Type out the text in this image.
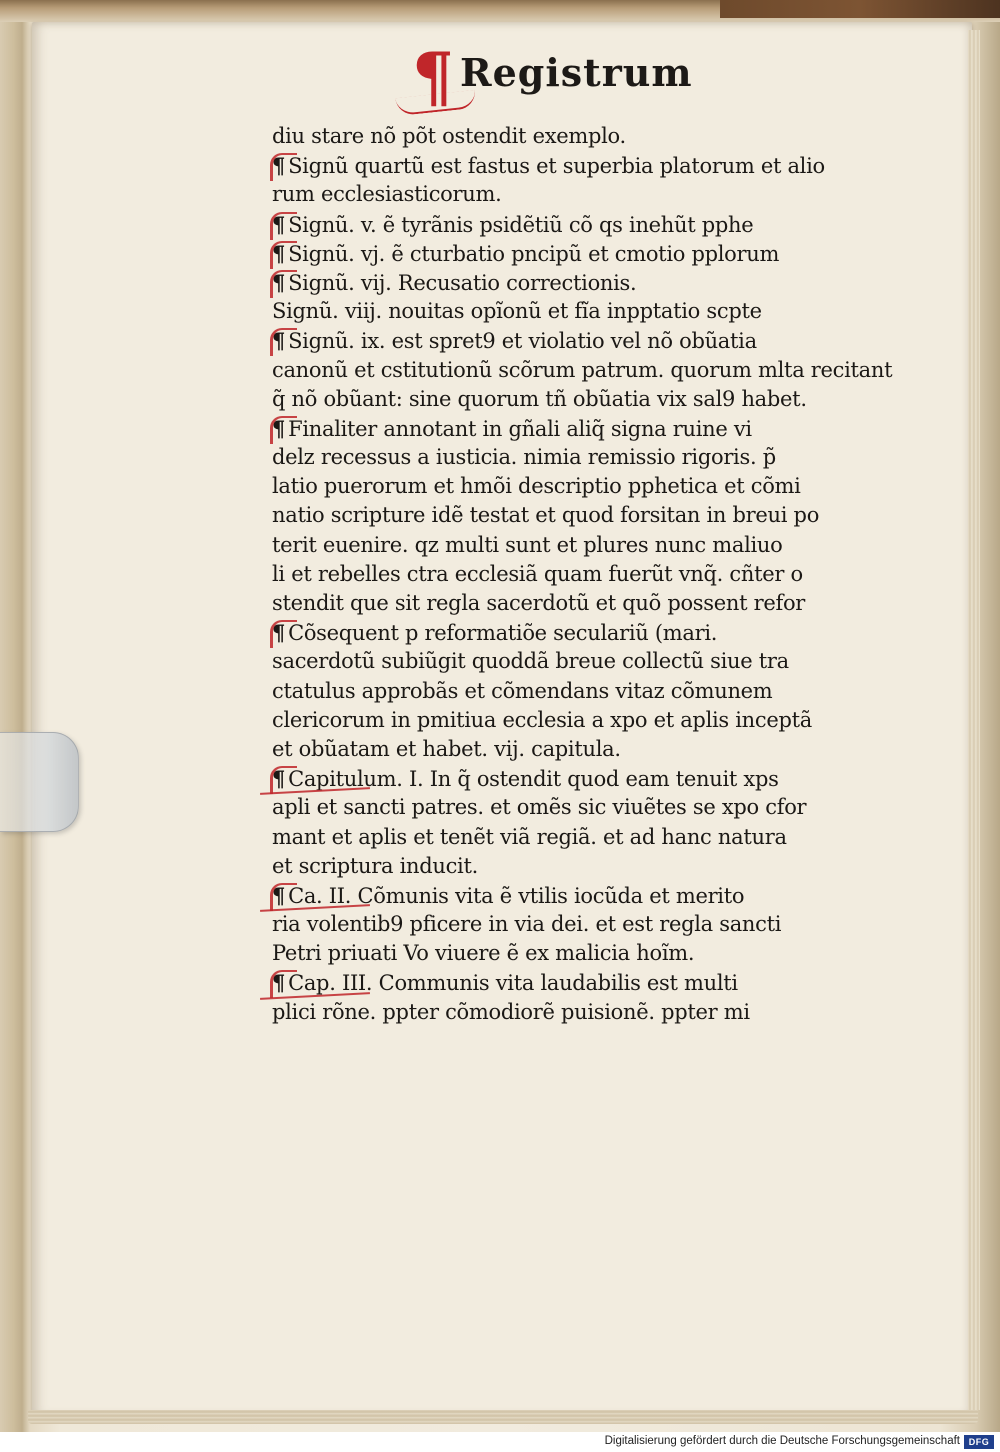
¶ Registrum
diu stare nõ põt ostendit exemplo.
¶ Signũ quartũ est fastus et superbia platorum et alio
rum ecclesiasticorum.
¶ Signũ. v. ẽ tyrãnis psidẽtiũ cõ qs inehũt pphe
¶ Signũ. vj. ẽ cturbatio pncipũ et cmotio pplorum
¶ Signũ. vij. Recusatio correctionis.
Signũ. viij. nouitas opĩonũ et fĩa inpptatio scpte
¶ Signũ. ix. est spret9 et violatio vel nõ obũatia
canonũ et cstitutionũ scõrum patrum. quorum mlta recitant
q̃ nõ obũant: sine quorum tñ obũatia vix sal9 habet.
¶ Finaliter annotant in gñali aliq̃ signa ruine vi
delz recessus a iusticia. nimia remissio rigoris. p̃
latio puerorum et hmõi descriptio pphetica et cõmi
natio scripture idẽ testat et quod forsitan in breui po
terit euenire. qz multi sunt et plures nunc maliuo
li et rebelles ctra ecclesiã quam fuerũt vnq̃. cñter o
stendit que sit regla sacerdotũ et quõ possent refor
¶ Cõsequent p reformatiõe seculariũ (mari.
sacerdotũ subiũgit quoddã breue collectũ siue tra
ctatulus approbãs et cõmendans vitaz cõmunem
clericorum in pmitiua ecclesia a xpo et aplis inceptã
et obũatam et habet. vij. capitula.
¶ Capitulum. I. In q̃ ostendit quod eam tenuit xps
apli et sancti patres. et omẽs sic viuẽtes se xpo cfor
mant et aplis et tenẽt viã regiã. et ad hanc natura
et scriptura inducit.
¶ Ca. II. Cõmunis vita ẽ vtilis iocũda et merito
ria volentib9 pficere in via dei. et est regla sancti
Petri priuati Vo viuere ẽ ex malicia hoĩm.
¶ Cap. III. Communis vita laudabilis est multi
plici rõne. ppter cõmodiorẽ puisionẽ. ppter mi
Digitalisierung gefördert durch die Deutsche Forschungsgemeinschaft DFG
